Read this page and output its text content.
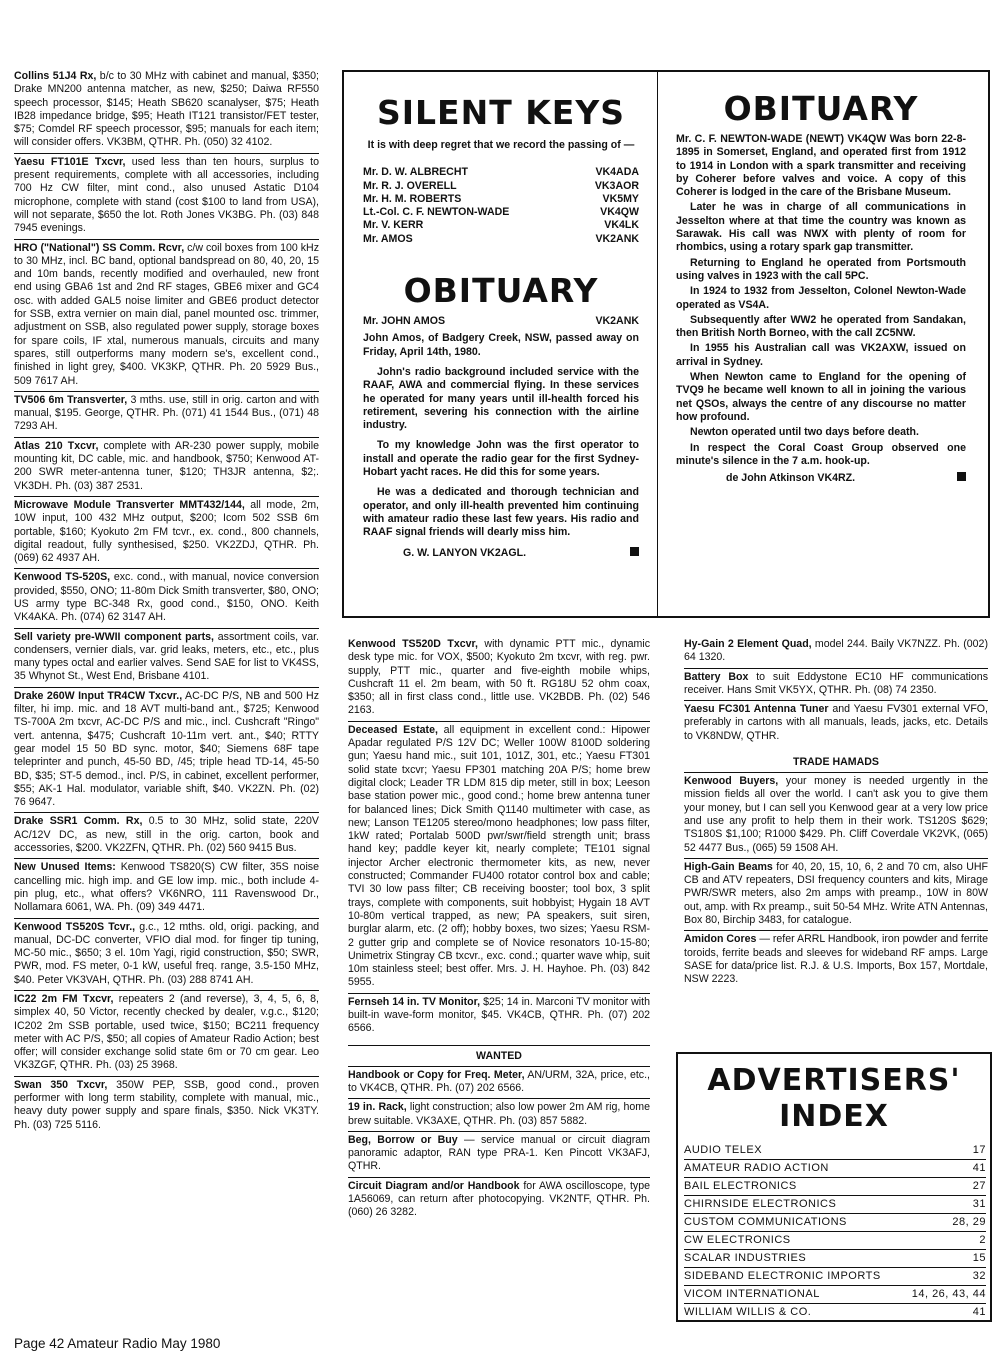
Collins 51J4 Rx, b/c to 30 MHz with cabinet and manual, $350; Drake MN200 antenna matcher, as new, $250; Daiwa RF550 speech processor, $145; Heath SB620 scanalyser, $75; Heath IB28 impedance bridge, $95; Heath IT121 transistor/FET tester, $75; Comdel RF speech processor, $95; manuals for each item; will consider offers. VK3BM, QTHR. Ph. (050) 32 4102.

Yaesu FT101E Txcvr, used less than ten hours, surplus to present requirements, complete with all accessories, including 700 Hz CW filter, mint cond., also unused Astatic D104 microphone, complete with stand (cost $100 to land from USA), will not separate, $650 the lot. Roth Jones VK3BG. Ph. (03) 848 7945 evenings.

HRO ("National") SS Comm. Rcvr, c/w coil boxes from 100 kHz to 30 MHz, incl. BC band, optional bandspread on 80, 40, 20, 15 and 10m bands, recently modified and overhauled, new front end using GBA6 1st and 2nd RF stages, GBE6 mixer and GC4 osc. with added GAL5 noise limiter and GBE6 product detector for SSB, extra vernier on main dial, panel mounted osc. trimmer, adjustment on SSB, also regulated power supply, storage boxes for spare coils, IF xtal, numerous manuals, circuits and many spares, still outperforms many modern se's, excellent cond., finished in light grey, $400. VK3KP, QTHR. Ph. 20 5929 Bus., 509 7617 AH.

TV506 6m Transverter, 3 mths. use, still in orig. carton and with manual, $195. George, QTHR. Ph. (071) 41 1544 Bus., (071) 48 7293 AH.

Atlas 210 Txcvr, complete with AR-230 power supply, mobile mounting kit, DC cable, mic. and handbook, $750; Kenwood AT-200 SWR meter-antenna tuner, $120; TH3JR antenna, $2;. VK3DH. Ph. (03) 387 2531.

Microwave Module Transverter MMT432/144, all mode, 2m, 10W input, 100 432 MHz output, $200; Icom 502 SSB 6m portable, $160; Kyokuto 2m FM tcvr., ex. cond., 800 channels, digital readout, fully synthesised, $250. VK2ZDJ, QTHR. Ph. (069) 62 4937 AH.

Kenwood TS-520S, exc. cond., with manual, novice conversion provided, $550, ONO; 11-80m Dick Smith transverter, $80, ONO; US army type BC-348 Rx, good cond., $150, ONO. Keith VK4AKA. Ph. (074) 62 3147 AH.

Sell variety pre-WWII component parts, assortment coils, var. condensers, vernier dials, var. grid leaks, meters, etc., etc., plus many types octal and earlier valves. Send SAE for list to VK4SS, 35 Whynot St., West End, Brisbane 4101.

Drake 260W Input TR4CW Txcvr., AC-DC P/S, NB and 500 Hz filter, hi imp. mic. and 18 AVT multi-band ant., $725; Kenwood TS-700A 2m txcvr, AC-DC P/S and mic., incl. Cushcraft "Ringo" vert. antenna, $475; Cushcraft 10-11m vert. ant., $40; RTTY gear model 15 50 BD sync. motor, $40; Siemens 68F tape teleprinter and punch, 45-50 BD, /45; triple head TD-14, 45-50 BD, $35; ST-5 demod., incl. P/S, in cabinet, excellent performer, $55; AK-1 Hal. modulator, variable shift, $40. VK2ZN. Ph. (02) 76 9647.

Drake SSR1 Comm. Rx, 0.5 to 30 MHz, solid state, 220V AC/12V DC, as new, still in the orig. carton, book and accessories, $200. VK2ZFN, QTHR. Ph. (02) 560 9415 Bus.

New Unused Items: Kenwood TS820(S) CW filter, 35S noise cancelling mic. high imp. and GE low imp. mic., both include 4-pin plug, etc., what offers? VK6NRO, 111 Ravenswood Dr., Nollamara 6061, WA. Ph. (09) 349 4471.

Kenwood TS520S Tcvr., g.c., 12 mths. old, origi. packing, and manual, DC-DC converter, VFIO dial mod. for finger tip tuning, MC-50 mic., $650; 3 el. 10m Yagi, rigid construction, $50; SWR, PWR, mod. FS meter, 0-1 kW, useful freq. range, 3.5-150 MHz, $40. Peter VK3VAH, QTHR. Ph. (03) 288 8741 AH.

IC22 2m FM Txcvr, repeaters 2 (and reverse), 3, 4, 5, 6, 8, simplex 40, 50 Victor, recently checked by dealer, v.g.c., $120; IC202 2m SSB portable, used twice, $150; BC211 frequency meter with AC P/S, $50; all copies of Amateur Radio Action; best offer; will consider exchange solid state 6m or 70 cm gear. Leo VK3ZGF, QTHR. Ph. (03) 25 3968.

Swan 350 Txcvr, 350W PEP, SSB, good cond., proven performer with long term stability, complete with manual, mic., heavy duty power supply and spare finals, $350. Nick VK3TY. Ph. (03) 725 5116.

SILENT KEYS

It is with deep regret that we record the passing of —

Mr. D. W. ALBRECHT	VK4ADA
Mr. R. J. OVERELL	VK3AOR
Mr. H. M. ROBERTS	VK5MY
Lt.-Col. C. F. NEWTON-WADE	VK4QW
Mr. V. KERR	VK4LK
Mr. AMOS	VK2ANK
OBITUARY
Mr. JOHN AMOS	VK2ANK

John Amos, of Badgery Creek, NSW, passed away on Friday, April 14th, 1980.

John's radio background included service with the RAAF, AWA and commercial flying. In these services he operated for many years until ill-health forced his retirement, severing his connection with the airline industry.

To my knowledge John was the first operator to install and operate the radio gear for the first Sydney-Hobart yacht races. He did this for some years.

He was a dedicated and thorough technician and operator, and only ill-health prevented him continuing with amateur radio these last few years. His radio and RAAF signal friends will dearly miss him.

G. W. LANYON VK2AGL.
OBITUARY

Mr. C. F. NEWTON-WADE (NEWT) VK4QW Was born 22-8-1895 in Somerset, England, and operated first from 1912 to 1914 in London with a spark transmitter and receiving by Coherer before valves and voice. A copy of this Coherer is lodged in the care of the Brisbane Museum.

Later he was in charge of all communications in Jesselton where at that time the country was known as Sarawak. His call was NWX with plenty of room for rhombics, using a rotary spark gap transmitter.

Returning to England he operated from Portsmouth using valves in 1923 with the call 5PC.

In 1924 to 1932 from Jesselton, Colonel Newton-Wade operated as VS4A.

Subsequently after WW2 he operated from Sandakan, then British North Borneo, with the call ZC5NW.

In 1955 his Australian call was VK2AXW, issued on arrival in Sydney.

When Newton came to England for the opening of TVQ9 he became well known to all in joining the various net QSOs, always the centre of any discourse no matter how profound.

Newton operated until two days before death.

In respect the Coral Coast Group observed one minute's silence in the 7 a.m. hook-up.

de John Atkinson VK4RZ.

Kenwood TS520D Txcvr, with dynamic PTT mic., dynamic desk type mic. for VOX, $500; Kyokuto 2m txcvr, with reg. pwr. supply, PTT mic., quarter and five-eighth mobile whips, Cushcraft 11 el. 2m beam, with 50 ft. RG18U 52 ohm coax, $350; all in first class cond., little use. VK2BDB. Ph. (02) 546 2163.

Deceased Estate, all equipment in excellent cond.: Hipower Apadar regulated P/S 12V DC; Weller 100W 8100D soldering gun; Yaesu hand mic., suit 101, 101Z, 301, etc.; Yaesu FT301 solid state txcvr; Yaesu FP301 matching 20A P/S; home brew digital clock; Leader TR LDM 815 dip meter, still in box; Leeson base station power mic., good cond.; home brew antenna tuner for balanced lines; Dick Smith Q1140 multimeter with case, as new; Lanson TE1205 stereo/mono headphones; low pass filter, 1kW rated; Portalab 500D pwr/swr/field strength unit; brass hand key; paddle keyer kit, nearly complete; TE101 signal injector Archer electronic thermometer kits, as new, never constructed; Commander FU400 rotator control box and cable; TVI 30 low pass filter; CB receiving booster; tool box, 3 split trays, complete with components, suit hobbyist; Hygain 18 AVT 10-80m vertical trapped, as new; PA speakers, suit siren, burglar alarm, etc. (2 off); hobby boxes, two sizes; Yaesu RSM-2 gutter grip and complete se of Novice resonators 10-15-80; Unimetrix Stingray CB txcvr., exc. cond.; quarter wave whip, suit 10m stainless steel; best offer. Mrs. J. H. Hayhoe. Ph. (03) 842 5955.

Fernseh 14 in. TV Monitor, $25; 14 in. Marconi TV monitor with built-in wave-form monitor, $45. VK4CB, QTHR. Ph. (07) 202 6566.

WANTED

Handbook or Copy for Freq. Meter, AN/URM, 32A, price, etc., to VK4CB, QTHR. Ph. (07) 202 6566.

19 in. Rack, light construction; also low power 2m AM rig, home brew suitable. VK3AXE, QTHR. Ph. (03) 857 5882.

Beg, Borrow or Buy — service manual or circuit diagram panoramic adaptor, RAN type PRA-1. Ken Pincott VK3AFJ, QTHR.

Circuit Diagram and/or Handbook for AWA oscilloscope, type 1A56069, can return after photocopying. VK2NTF, QTHR. Ph. (060) 26 3282.

Hy-Gain 2 Element Quad, model 244. Baily VK7NZZ. Ph. (002) 64 1320.

Battery Box to suit Eddystone EC10 HF communications receiver. Hans Smit VK5YX, QTHR. Ph. (08) 74 2350.

Yaesu FC301 Antenna Tuner and Yaesu FV301 external VFO, preferably in cartons with all manuals, leads, jacks, etc. Details to VK8NDW, QTHR.

TRADE HAMADS

Kenwood Buyers, your money is needed urgently in the mission fields all over the world. I can't ask you to give them your money, but I can sell you Kenwood gear at a very low price and use any profit to help them in their work. TS120S $629; TS180S $1,100; R1000 $429. Ph. Cliff Coverdale VK2VK, (065) 52 4477 Bus., (065) 59 1508 AH.

High-Gain Beams for 40, 20, 15, 10, 6, 2 and 70 cm, also UHF CB and ATV repeaters, DSI frequency counters and kits, Mirage PWR/SWR meters, also 2m amps with preamp., 10W in 80W out, amp. with Rx preamp., suit 50-54 MHz. Write ATN Antennas, Box 80, Birchip 3483, for catalogue.

Amidon Cores — refer ARRL Handbook, iron powder and ferrite toroids, ferrite beads and sleeves for wideband RF amps. Large SASE for data/price list. R.J. & U.S. Imports, Box 157, Mortdale, NSW 2223.

ADVERTISERS'
INDEX
AUDIO TELEX	17
AMATEUR RADIO ACTION	41
BAIL ELECTRONICS	27
CHIRNSIDE ELECTRONICS	31
CUSTOM COMMUNICATIONS	28, 29
CW ELECTRONICS	2
SCALAR INDUSTRIES	15
SIDEBAND ELECTRONIC IMPORTS	32
VICOM INTERNATIONAL	14, 26, 43, 44
WILLIAM WILLIS & CO.	41
Page 42 Amateur Radio May 1980
